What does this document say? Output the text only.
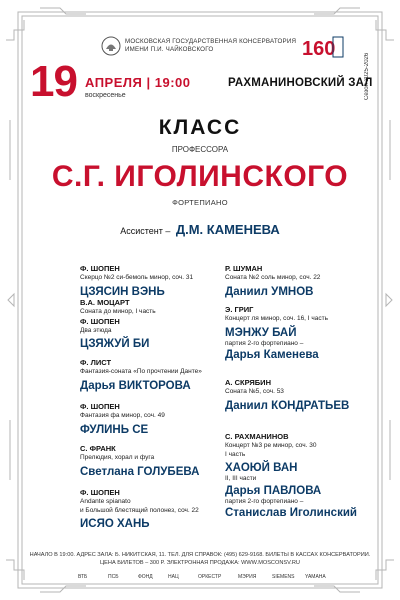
МОСКОВСКАЯ ГОСУДАРСТВЕННАЯ КОНСЕРВАТОРИЯ
ИМЕНИ П.И. ЧАЙКОВСКОГО	160
Сезон 2025-2026
19 АПРЕЛЯ | 19:00
воскресенье
РАХМАНИНОВСКИЙ ЗАЛ
КЛАСС
ПРОФЕССОРА
С.Г. ИГОЛИНСКОГО
ФОРТЕПИАНО
Ассистент – Д.М. КАМЕНЕВА
Ф. ШОПЕН
Скерцо №2 си-бемоль минор, соч. 31
ЦЗЯСИН ВЭНЬ
В.А. МОЦАРТ
Соната до минор, I часть
Ф. ШОПЕН
Два этюда
ЦЗЯЖУЙ БИ
Ф. ЛИСТ
Фантазия-соната «По прочтении Данте»
Дарья ВИКТОРОВА
Ф. ШОПЕН
Фантазия фа минор, соч. 49
ФУЛИНЬ СЕ
С. ФРАНК
Прелюдия, хорал и фуга
Светлана ГОЛУБЕВА
Ф. ШОПЕН
Andante spianato
и Большой блестящий полонез, соч. 22
ИСЯО ХАНЬ
Р. ШУМАН
Соната №2 соль минор, соч. 22
Даниил УМНОВ
Э. ГРИГ
Концерт ля минор, соч. 16, I часть
МЭНЖУ БАЙ
партия 2-го фортепиано –
Дарья Каменева
А. СКРЯБИН
Соната №5, соч. 53
Даниил КОНДРАТЬЕВ
С. РАХМАНИНОВ
Концерт №3 ре минор, соч. 30
I часть
ХАОЮЙ ВАН
II, III части
Дарья ПАВЛОВА
партия 2-го фортепиано –
Станислав Иголинский
НАЧАЛО В 19:00. АДРЕС ЗАЛА: Б. НИКИТСКАЯ, 11. ТЕЛ. ДЛЯ СПРАВОК: (495) 629-9168. БИЛЕТЫ В КАССАХ КОНСЕРВАТОРИИ.
ЦЕНА БИЛЕТОВ – 300 Р. ЭЛЕКТРОННАЯ ПРОДАЖА: WWW.MOSCONSV.RU
ВТБ	ПСБ	ФОНД	НАЦ	ОРКЕСТР	МЭРИЯ	SIEMENS YAMAHA
